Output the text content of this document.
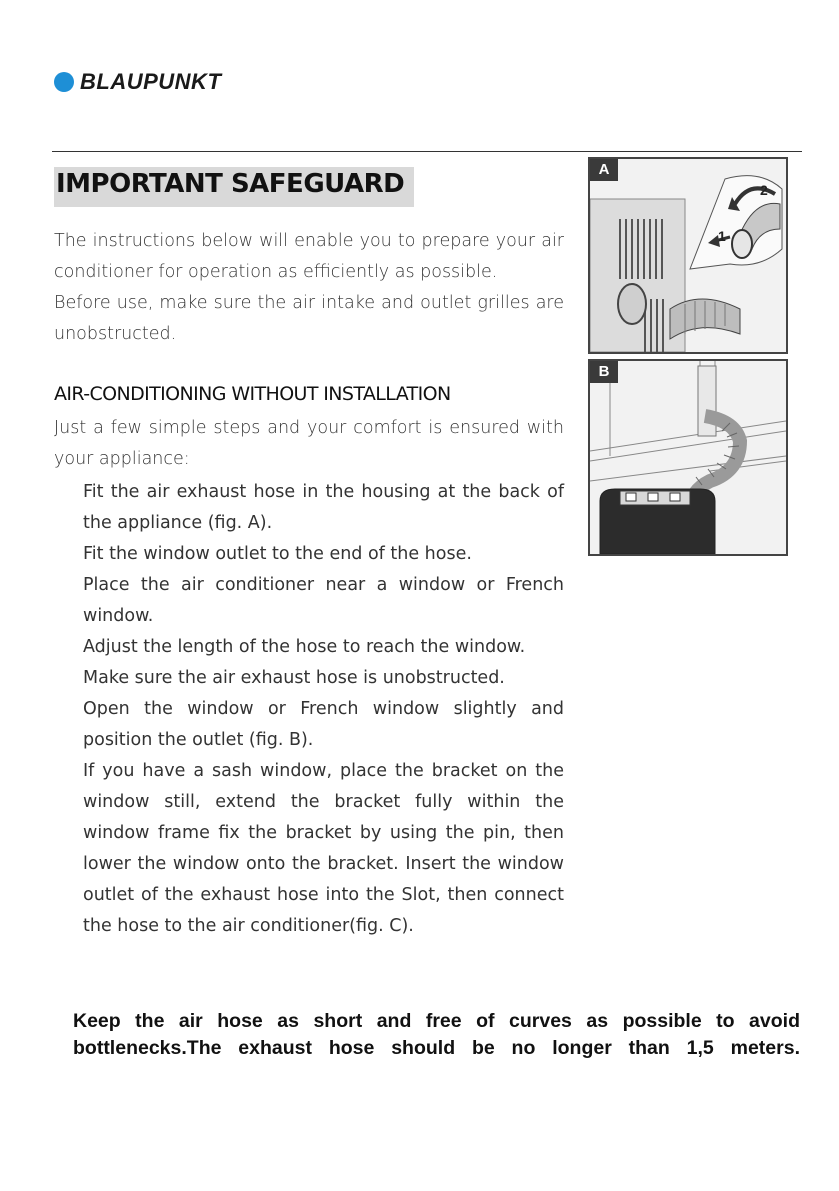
BLAUPUNKT
IMPORTANT SAFEGUARD
The instructions below will enable you to prepare your air conditioner for operation as efficiently as possible.
Before use, make sure the air intake and outlet grilles are unobstructed.
AIR-CONDITIONING WITHOUT INSTALLATION
Just a few simple steps and your comfort is ensured with your appliance:
Fit the air exhaust hose in the housing at the back of the appliance (fig. A).
Fit the window outlet to the end of the hose.
Place the air conditioner near a window or French window.
Adjust the length of the hose to reach the window.
Make sure the air exhaust hose is unobstructed.
Open the window or French window slightly and position the outlet (fig. B).
If you have a sash window, place the bracket on the window still, extend the bracket fully within the window frame fix the bracket by using the pin, then lower the window onto the bracket. Insert the window outlet of the exhaust hose into the Slot, then connect the hose to the air conditioner(fig. C).
2
1
A
B
Keep the air hose as short and free of curves as possible to avoid bottlenecks.The exhaust hose should be no longer than 1,5 meters.
